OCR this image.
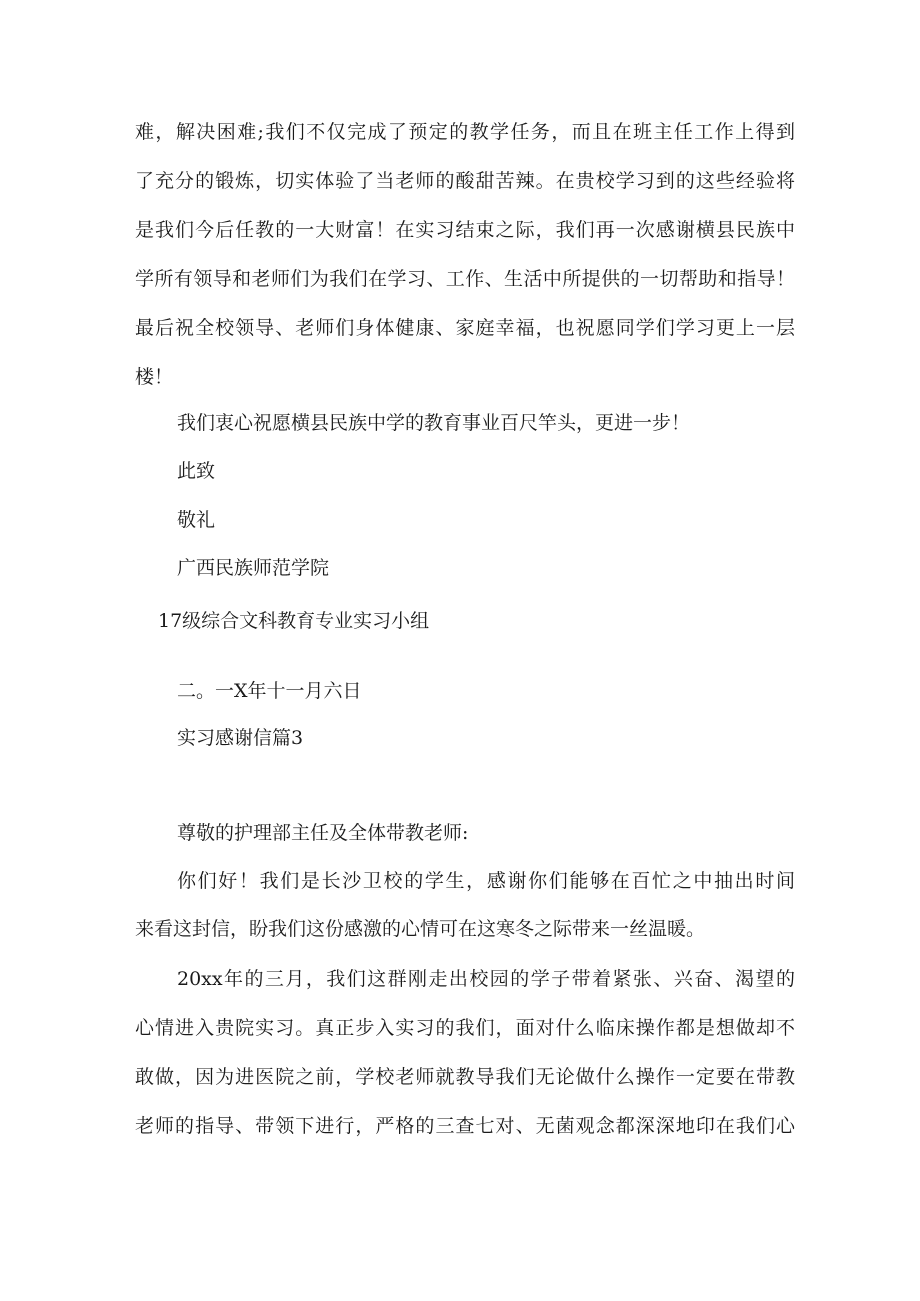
难，解决困难;我们不仅完成了预定的教学任务，而且在班主任工作上得到
了充分的锻炼，切实体验了当老师的酸甜苦辣。在贵校学习到的这些经验将
是我们今后任教的一大财富！在实习结束之际，我们再一次感谢横县民族中
学所有领导和老师们为我们在学习、工作、生活中所提供的一切帮助和指导！
最后祝全校领导、老师们身体健康、家庭幸福，也祝愿同学们学习更上一层
楼！
我们衷心祝愿横县民族中学的教育事业百尺竿头，更进一步！
此致
敬礼
广西民族师范学院
17级综合文科教育专业实习小组
二。一X年十一月六日
实习感谢信篇3
尊敬的护理部主任及全体带教老师:
你们好！我们是长沙卫校的学生，感谢你们能够在百忙之中抽出时间
来看这封信，盼我们这份感激的心情可在这寒冬之际带来一丝温暖。
20xx年的三月，我们这群刚走出校园的学子带着紧张、兴奋、渴望的
心情进入贵院实习。真正步入实习的我们，面对什么临床操作都是想做却不
敢做，因为进医院之前，学校老师就教导我们无论做什么操作一定要在带教
老师的指导、带领下进行，严格的三查七对、无菌观念都深深地印在我们心
